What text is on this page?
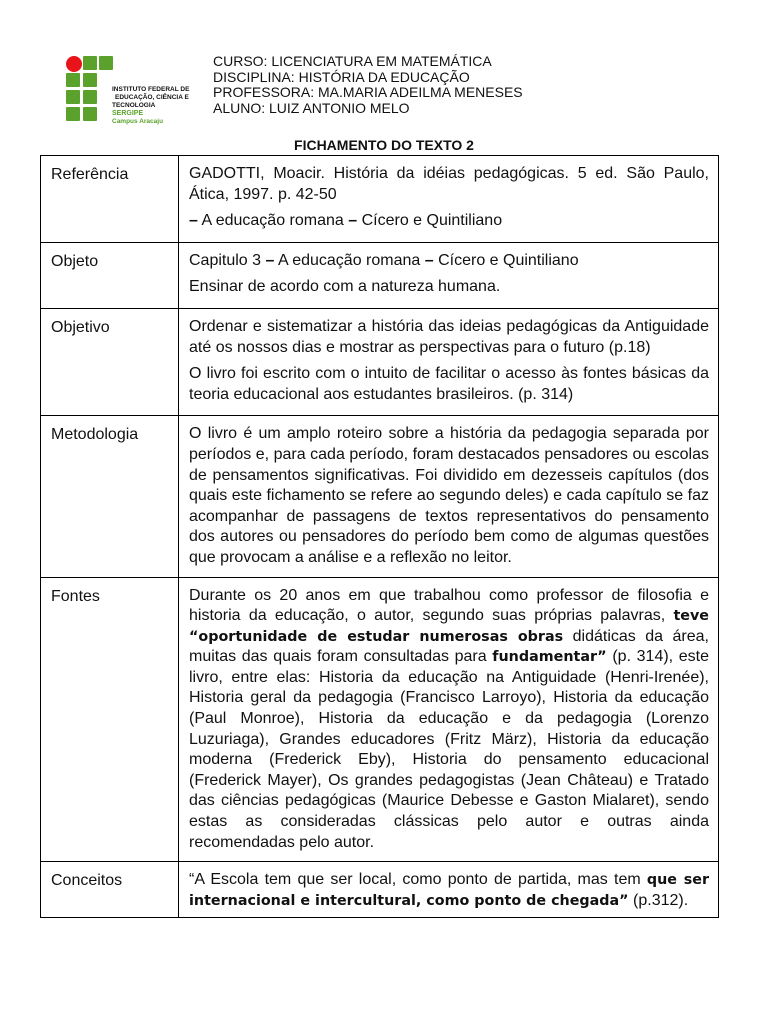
INSTITUTO FEDERAL DE
EDUCAÇÃO, CIÊNCIA E
TECNOLOGIA
SERGIPE
Campus Aracaju
CURSO: LICENCIATURA EM MATEMÁTICA
DISCIPLINA: HISTÓRIA DA EDUCAÇÃO
PROFESSORA: MA.MARIA ADEILMA MENESES
ALUNO: LUIZ ANTONIO MELO
FICHAMENTO DO TEXTO 2
Referência	GADOTTI, Moacir. História da idéias pedagógicas. 5 ed. São Paulo, Ática, 1997. p. 42-50

– A educação romana – Cícero e Quintiliano

Objeto	Capitulo 3 – A educação romana – Cícero e Quintiliano

Ensinar de acordo com a natureza humana.

Objetivo	Ordenar e sistematizar a história das ideias pedagógicas da Antiguidade até os nossos dias e mostrar as perspectivas para o futuro (p.18)

O livro foi escrito com o intuito de facilitar o acesso às fontes básicas da teoria educacional aos estudantes brasileiros. (p. 314)

Metodologia	O livro é um amplo roteiro sobre a história da pedagogia separada por períodos e, para cada período, foram destacados pensadores ou escolas de pensamentos significativas. Foi dividido em dezesseis capítulos (dos quais este fichamento se refere ao segundo deles) e cada capítulo se faz acompanhar de passagens de textos representativos do pensamento dos autores ou pensadores do período bem como de algumas questões que provocam a análise e a reflexão no leitor.

Fontes	Durante os 20 anos em que trabalhou como professor de filosofia e historia da educação, o autor, segundo suas próprias palavras, teve “oportunidade de estudar numerosas obras didáticas da área, muitas das quais foram consultadas para fundamentar” (p. 314), este livro, entre elas: Historia da educação na Antiguidade (Henri-Irenée), Historia geral da pedagogia (Francisco Larroyo), Historia da educação (Paul Monroe), Historia da educação e da pedagogia (Lorenzo Luzuriaga), Grandes educadores (Fritz März), Historia da educação moderna (Frederick Eby), Historia do pensamento educacional (Frederick Mayer), Os grandes pedagogistas (Jean Château) e Tratado das ciências pedagógicas (Maurice Debesse e Gaston Mialaret), sendo estas as consideradas clássicas pelo autor e outras ainda recomendadas pelo autor.

Conceitos	“A Escola tem que ser local, como ponto de partida, mas tem que ser internacional e intercultural, como ponto de chegada” (p.312).
